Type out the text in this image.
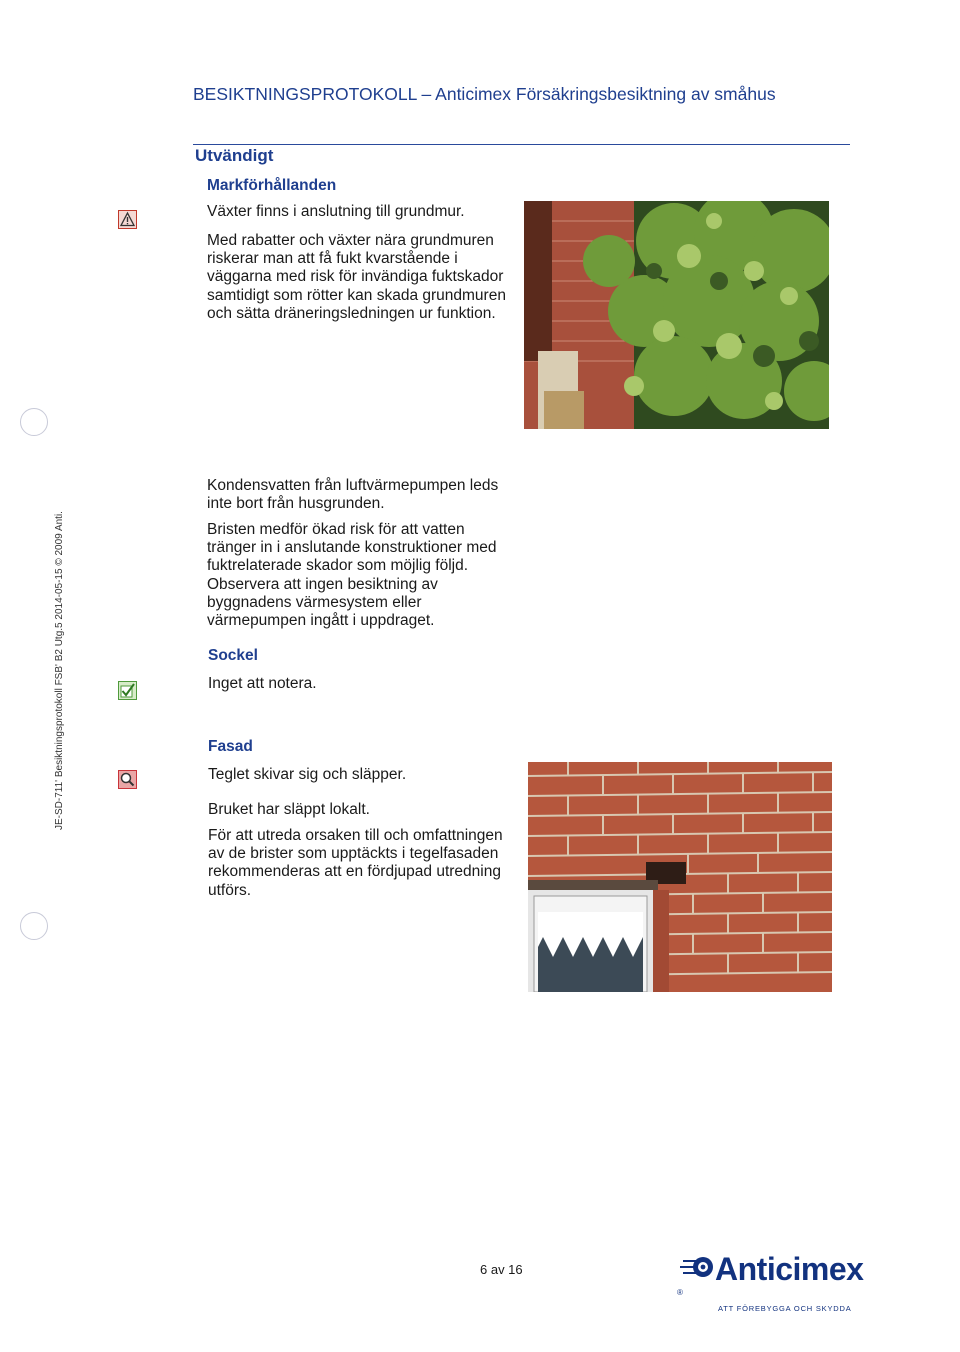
JE-SD-711' Besiktningsprotokoll FSB' B2 Utg.5 2014-05-15 © 2009 Anti.
BESIKTNINGSPROTOKOLL – Anticimex Försäkringsbesiktning av småhus
Utvändigt
Markförhållanden
Växter finns i anslutning till grundmur.
Med rabatter och växter nära grundmuren
riskerar man att få fukt kvarstående i
väggarna med risk för invändiga fuktskador
samtidigt som rötter kan skada grundmuren
och sätta dräneringsledningen ur funktion.
Kondensvatten från luftvärmepumpen leds
inte bort från husgrunden.
Bristen medför ökad risk för att vatten
tränger in i anslutande konstruktioner med
fuktrelaterade skador som möjlig följd.
Observera att ingen besiktning av
byggnadens värmesystem eller
värmepumpen ingått i uppdraget.
Sockel
Inget att notera.
Fasad
Teglet skivar sig och släpper.
Bruket har släppt lokalt.
För att utreda orsaken till och omfattningen
av de brister som upptäckts i tegelfasaden
rekommenderas att en fördjupad utredning
utförs.
6 av 16	Anticimex®
ATT FÖREBYGGA OCH SKYDDA
